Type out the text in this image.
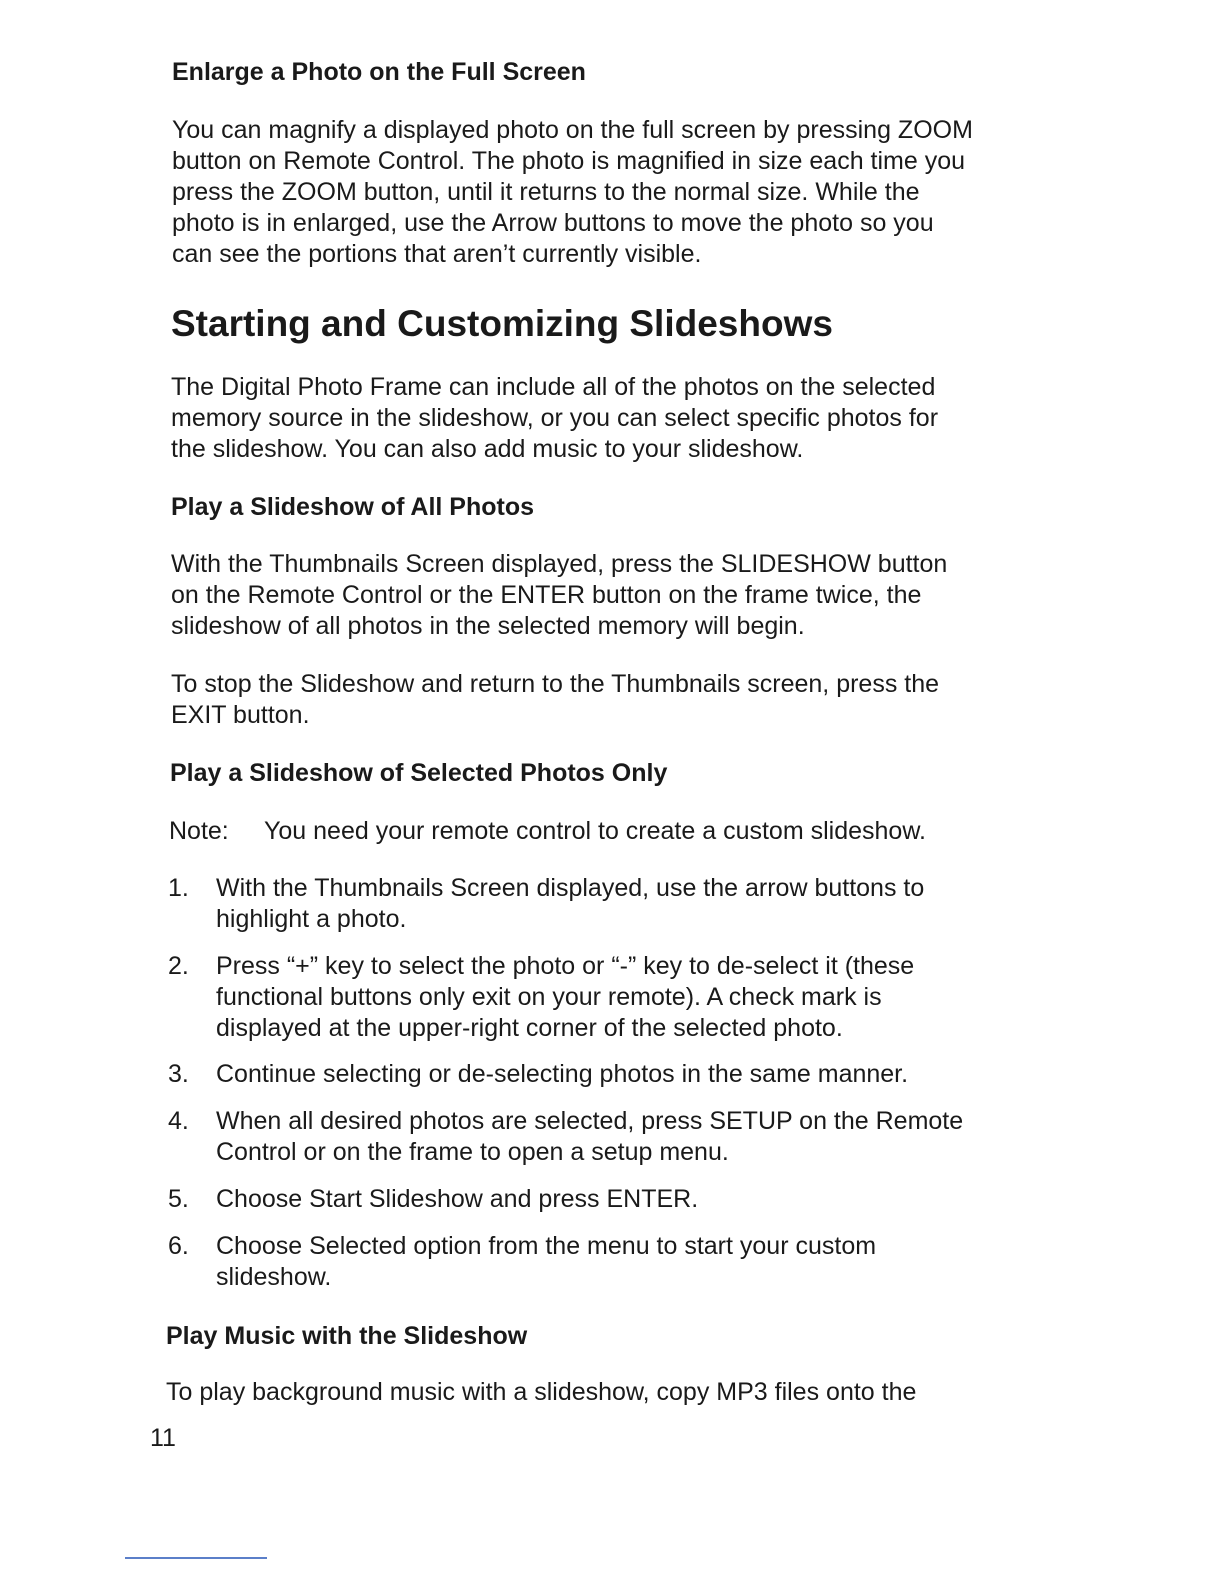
Enlarge a Photo on the Full Screen

You can magnify a displayed photo on the full screen by pressing ZOOM
button on Remote Control. The photo is magnified in size each time you
press the ZOOM button, until it returns to the normal size. While the
photo is in enlarged, use the Arrow buttons to move the photo so you
can see the portions that aren’t currently visible.

Starting and Customizing Slideshows

The Digital Photo Frame can include all of the photos on the selected
memory source in the slideshow, or you can select specific photos for
the slideshow. You can also add music to your slideshow.

Play a Slideshow of All Photos

With the Thumbnails Screen displayed, press the SLIDESHOW button
on the Remote Control or the ENTER button on the frame twice, the
slideshow of all photos in the selected memory will begin.

To stop the Slideshow and return to the Thumbnails screen, press the
EXIT button.

Play a Slideshow of Selected Photos Only
Note: You need your remote control to create a custom slideshow.
1. With the Thumbnails Screen displayed, use the arrow buttons to
highlight a photo.
2. Press “+” key to select the photo or “-” key to de-select it (these
functional buttons only exit on your remote). A check mark is
displayed at the upper-right corner of the selected photo.
3. Continue selecting or de-selecting photos in the same manner.
4. When all desired photos are selected, press SETUP on the Remote
Control or on the frame to open a setup menu.
5. Choose Start Slideshow and press ENTER.
6. Choose Selected option from the menu to start your custom
slideshow.
Play Music with the Slideshow

To play background music with a slideshow, copy MP3 files onto the

11
